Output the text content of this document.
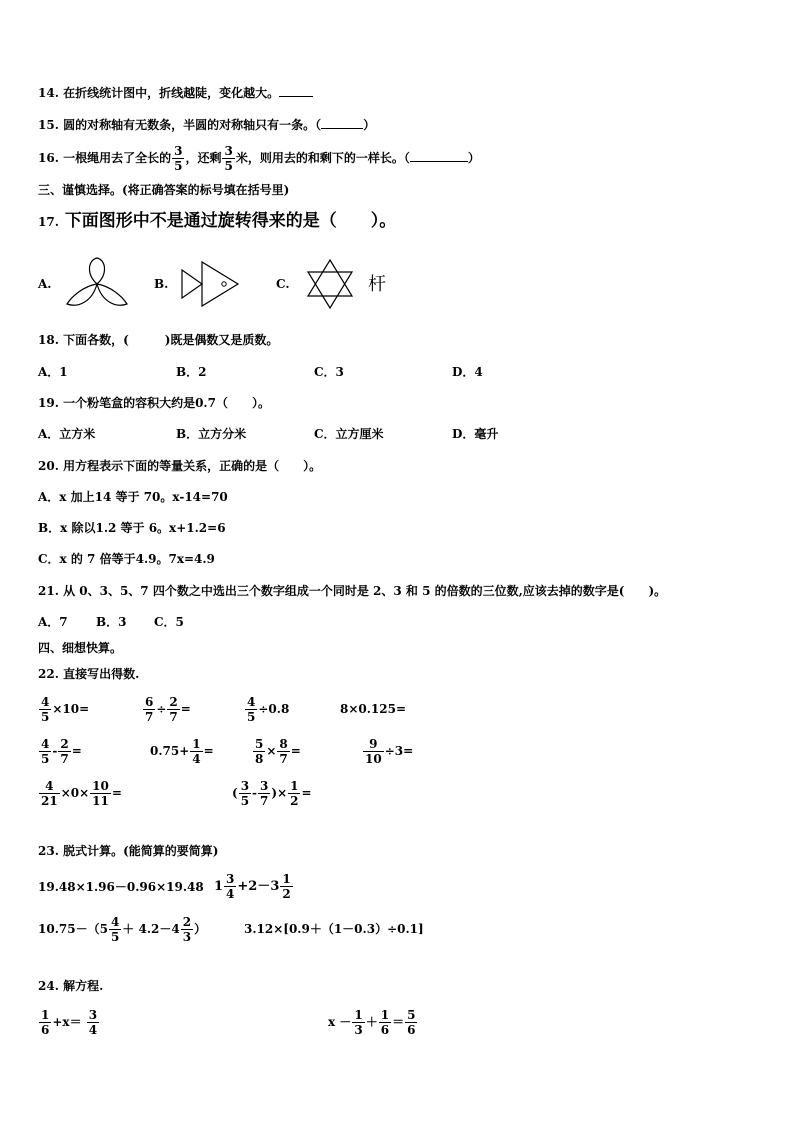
14. 在折线统计图中，折线越陡，变化越大。
15. 圆的对称轴有无数条，半圆的对称轴只有一条。（	）
16. 一根绳用去了全长的 $\frac{3}{5}$ ，还剩 $\frac{3}{5}$ 米，则用去的和剩下的一样长。（	）
三、谨慎选择。(将正确答案的标号填在括号里)
17. 下面图形中不是通过旋转得来的是（　　）。
A.	B.	C.	杆
18. 下面各数，(　　　)既是偶数又是质数。
A．1	B．2	C．3	D．4
19. 一个粉笔盒的容积大约是0.7（　　）。
A．立方米	B．立方分米	C．立方厘米	D．毫升
20. 用方程表示下面的等量关系，正确的是（　　）。
A．x 加上14 等于 70。x-14=70
B．x 除以1.2 等于 6。x+1.2=6
C．x 的 7 倍等于4.9。7x=4.9
21. 从 0、3、5、7 四个数之中选出三个数字组成一个同时是 2、3 和 5 的倍数的三位数,应该去掉的数字是(　　)。
A．7 B．3 C．5
四、细想快算。
22. 直接写出得数.
$\frac{4}{5} \times 10=$	$\frac{6}{7} \div \frac{2}{7}$ =	$\frac{4}{5} \div 0.8$	8×0.125=
$\frac{4}{5} - \frac{2}{7}$ =	$0.75+ \frac{1}{4}$ =	$\frac{5}{8} \times \frac{8}{7}$ =	$\frac{9}{10} \div 3=$
$\frac{4}{21} \times 0\times \frac{10}{11}$ =	( $\frac{3}{5} - \frac{3}{7}$ )× $\frac{1}{2}$ =
23. 脱式计算。(能简算的要简算)
19.48×1.96－0.96×19.48 $1 \frac{3}{4} +2-3 \frac{1}{2}$
$10.75-(5 \frac{4}{5} + 4.2-4 \frac{2}{3}$ ）	3.12×[0.9＋（1－0.3）÷0.1]
24. 解方程.
$\frac{1}{6} +x= \frac{3}{4}$	$x - \frac{1}{3} + \frac{1}{6} = \frac{5}{6}$
